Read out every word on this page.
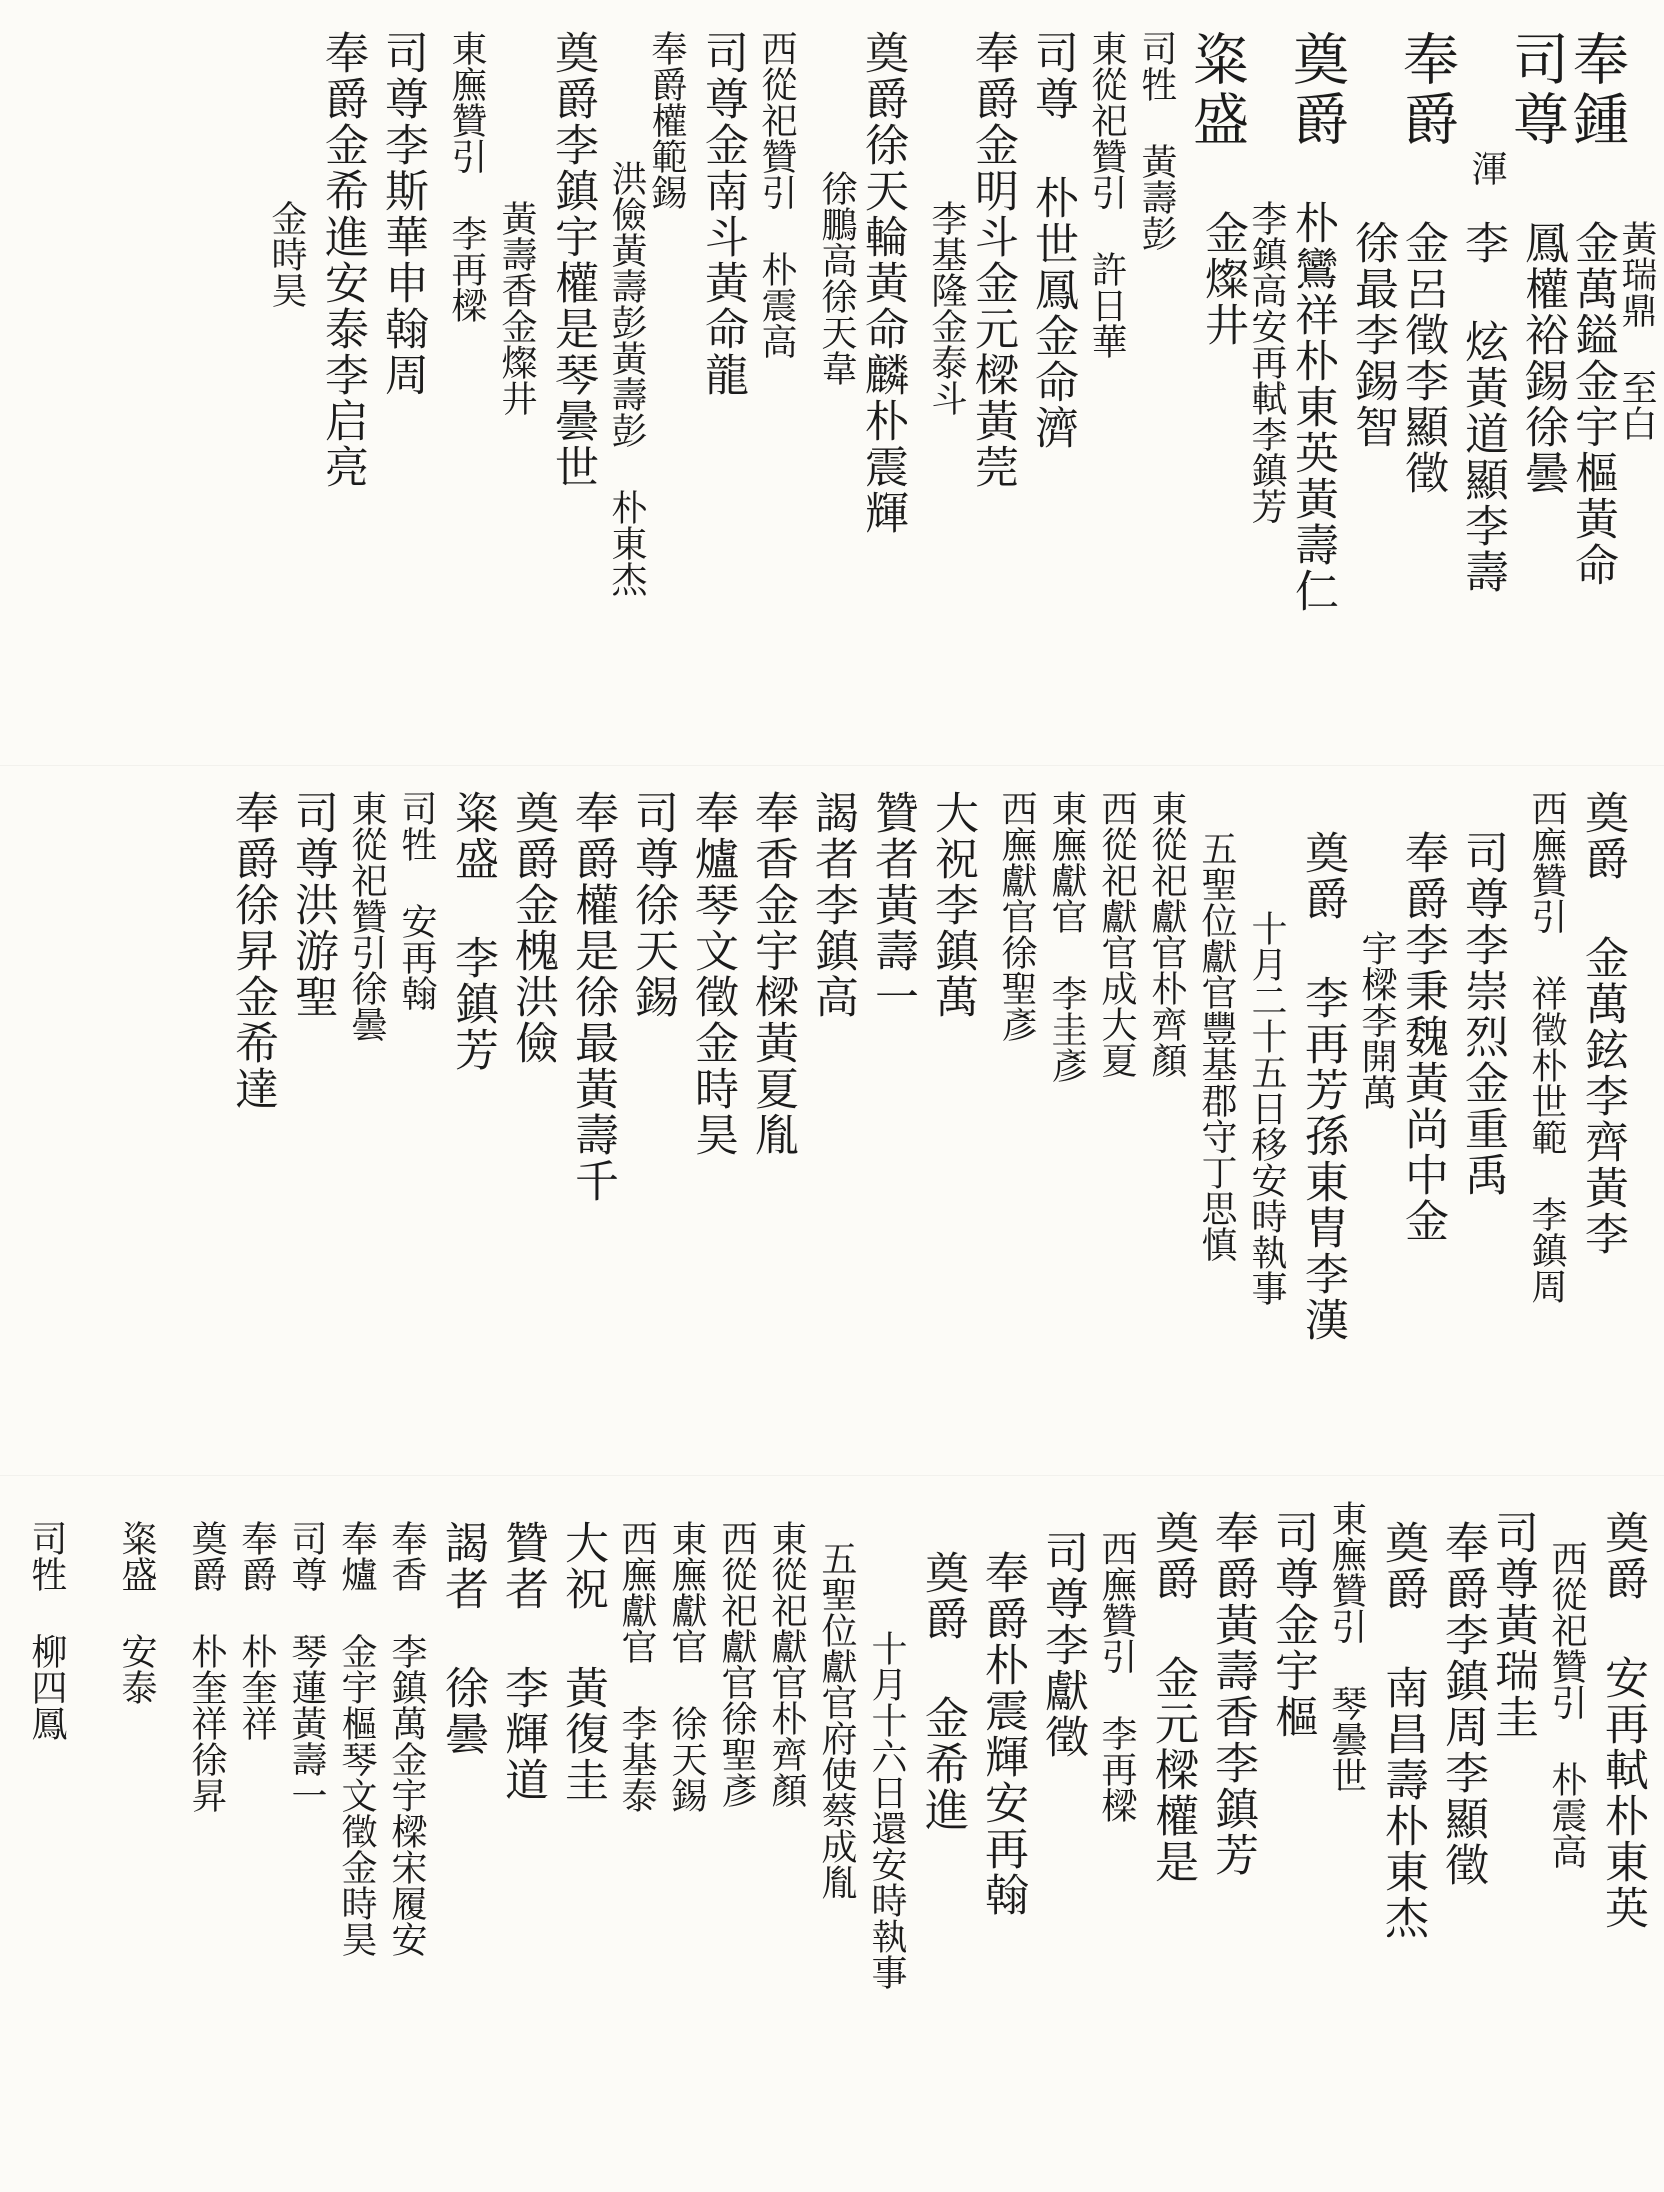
奉鍾
金萬鎰金宇樞黃命
黃瑞鼎 至白
司尊
鳳權裕錫徐曇
李 炫黃道顯李壽
渾
奉爵
金呂徵李顯徵
徐最李錫智
奠爵
朴鸞祥朴東英黃壽仁
李鎮高安再軾李鎮芳
粢盛
金燦井
司牲 黃壽彭
東從祀贊引 許日華
司尊 朴世鳳金命濟
奉爵金明斗金元樑黃莞
李基隆金泰斗
奠爵徐天輪黃命麟朴震輝
徐鵬高徐天韋
西從祀贊引 朴震高
司尊金南斗黃命龍
奉爵權範錫
洪儉黃壽彭黃壽彭 朴東杰
奠爵李鎮宇權是琴曇世
黃壽香金燦井
東廡贊引 李再樑
司尊李斯華申翰周
奉爵金希進安泰李启亮
金時昊
奠爵 金萬鉉李齊黃李
西廡贊引 祥徵朴世範 李鎮周
司尊李崇烈金重禹
奉爵李秉魏黃尚中金
宇樑李開萬
奠爵 李再芳孫東胄李漢
十月二十五日移安時執事
五聖位獻官豐基郡守丁思慎
東從祀獻官朴齊顏
西從祀獻官成大夏
東廡獻官 李圭彥
西廡獻官徐聖彥
大祝李鎮萬
贊者黃壽一
謁者李鎮高
奉香金宇樑黃夏胤
奉爐琴文徵金時昊
司尊徐天錫
奉爵權是徐最黃壽千
奠爵金槐洪儉
粢盛 李鎮芳
司牲 安再翰
東從祀贊引徐曇
司尊洪游聖
奉爵徐昇金希達
奠爵 安再軾朴東英
西從祀贊引 朴震高
司尊黃瑞圭
奉爵李鎮周李顯徵
奠爵 南昌壽朴東杰
東廡贊引 琴曇世
司尊金宇樞
奉爵黃壽香李鎮芳
奠爵 金元樑權是
西廡贊引 李再樑
司尊李獻徵
奉爵朴震輝安再翰
奠爵 金希進
十月十六日還安時執事
五聖位獻官府使蔡成胤
東從祀獻官朴齊顏
西從祀獻官徐聖彥
東廡獻官 徐天錫
西廡獻官 李基泰
大祝 黃復圭
贊者 李輝道
謁者 徐曇
奉香 李鎮萬金宇樑宋履安
奉爐 金宇樞琴文徵金時昊
司尊 琴蓮黃壽一
奉爵 朴奎祥
奠爵 朴奎祥徐昇
粢盛 安泰
司牲 柳四鳳
